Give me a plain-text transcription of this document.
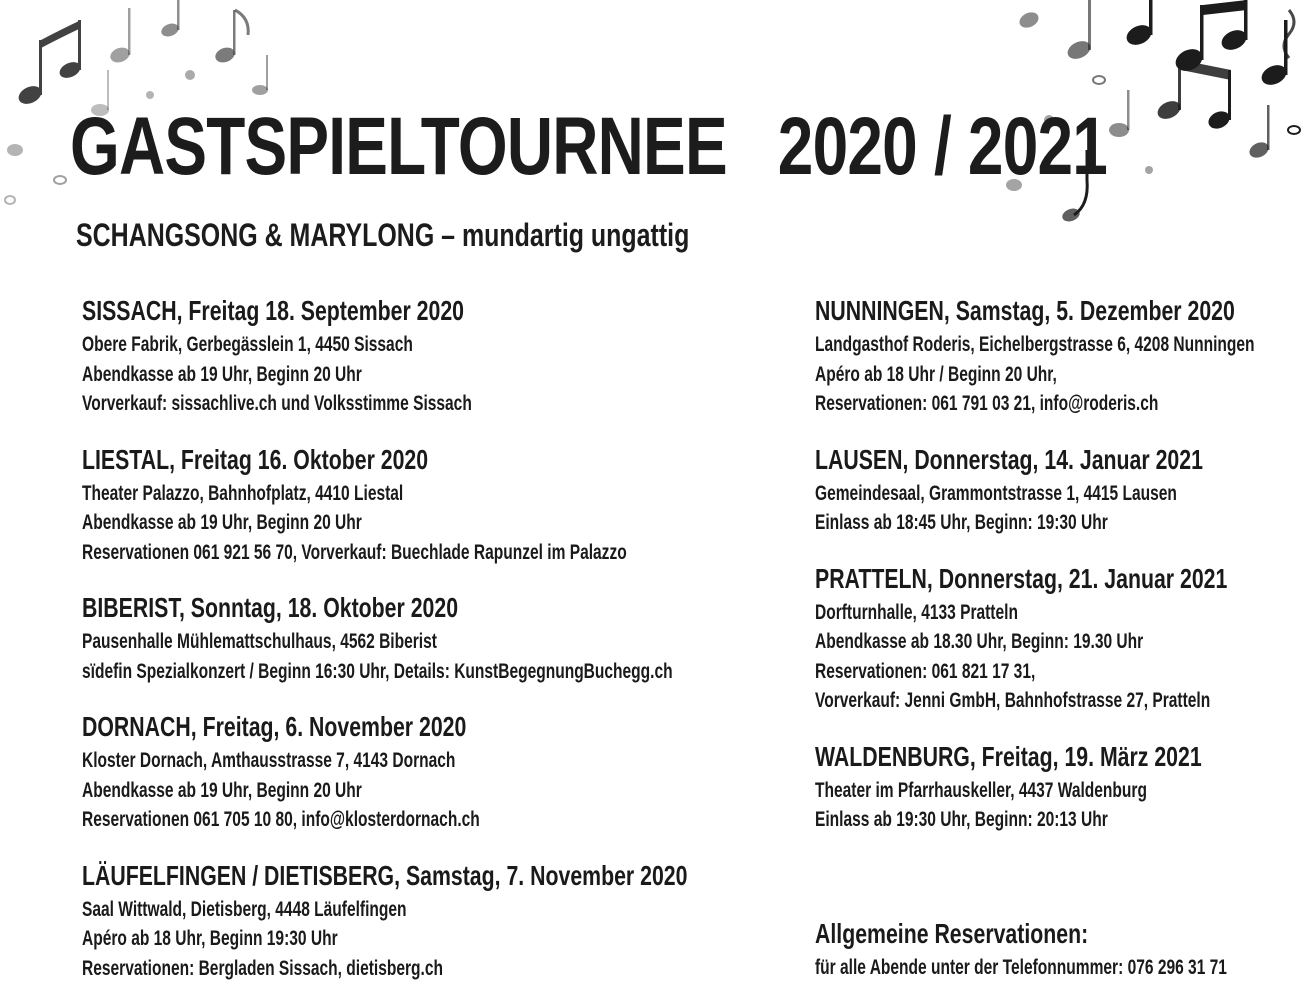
GASTSPIELTOURNEE   2020 / 2021
SCHANGSONG & MARYLONG – mundartig ungattig
SISSACH, Freitag 18. September 2020
Obere Fabrik, Gerbegässlein 1, 4450 Sissach
Abendkasse ab 19 Uhr, Beginn 20 Uhr
Vorverkauf: sissachlive.ch und Volksstimme Sissach
LIESTAL, Freitag 16. Oktober 2020
Theater Palazzo, Bahnhofplatz, 4410 Liestal
Abendkasse ab 19 Uhr, Beginn 20 Uhr
Reservationen 061 921 56 70, Vorverkauf: Buechlade Rapunzel im Palazzo
BIBERIST, Sonntag, 18. Oktober 2020
Pausenhalle Mühlemattschulhaus, 4562 Biberist
sïdefin Spezialkonzert / Beginn 16:30 Uhr, Details: KunstBegegnungBuchegg.ch
DORNACH, Freitag, 6. November 2020
Kloster Dornach, Amthausstrasse 7, 4143 Dornach
Abendkasse ab 19 Uhr, Beginn 20 Uhr
Reservationen 061 705 10 80, info@klosterdornach.ch
LÄUFELFINGEN / DIETISBERG, Samstag, 7. November 2020
Saal Wittwald, Dietisberg, 4448 Läufelfingen
Apéro ab 18 Uhr, Beginn 19:30 Uhr
Reservationen: Bergladen Sissach, dietisberg.ch
NUNNINGEN, Samstag, 5. Dezember 2020
Landgasthof Roderis, Eichelbergstrasse 6, 4208 Nunningen
Apéro ab 18 Uhr / Beginn 20 Uhr,
Reservationen: 061 791 03 21, info@roderis.ch
LAUSEN, Donnerstag, 14. Januar 2021
Gemeindesaal, Grammontstrasse 1, 4415 Lausen
Einlass ab 18:45 Uhr, Beginn: 19:30 Uhr
PRATTELN, Donnerstag, 21. Januar 2021
Dorfturnhalle, 4133 Pratteln
Abendkasse ab 18.30 Uhr, Beginn: 19.30 Uhr
Reservationen: 061 821 17 31,
Vorverkauf: Jenni GmbH, Bahnhofstrasse 27, Pratteln
WALDENBURG, Freitag, 19. März 2021
Theater im Pfarrhauskeller, 4437 Waldenburg
Einlass ab 19:30 Uhr, Beginn: 20:13 Uhr
Allgemeine Reservationen:
für alle Abende unter der Telefonnummer: 076 296 31 71
